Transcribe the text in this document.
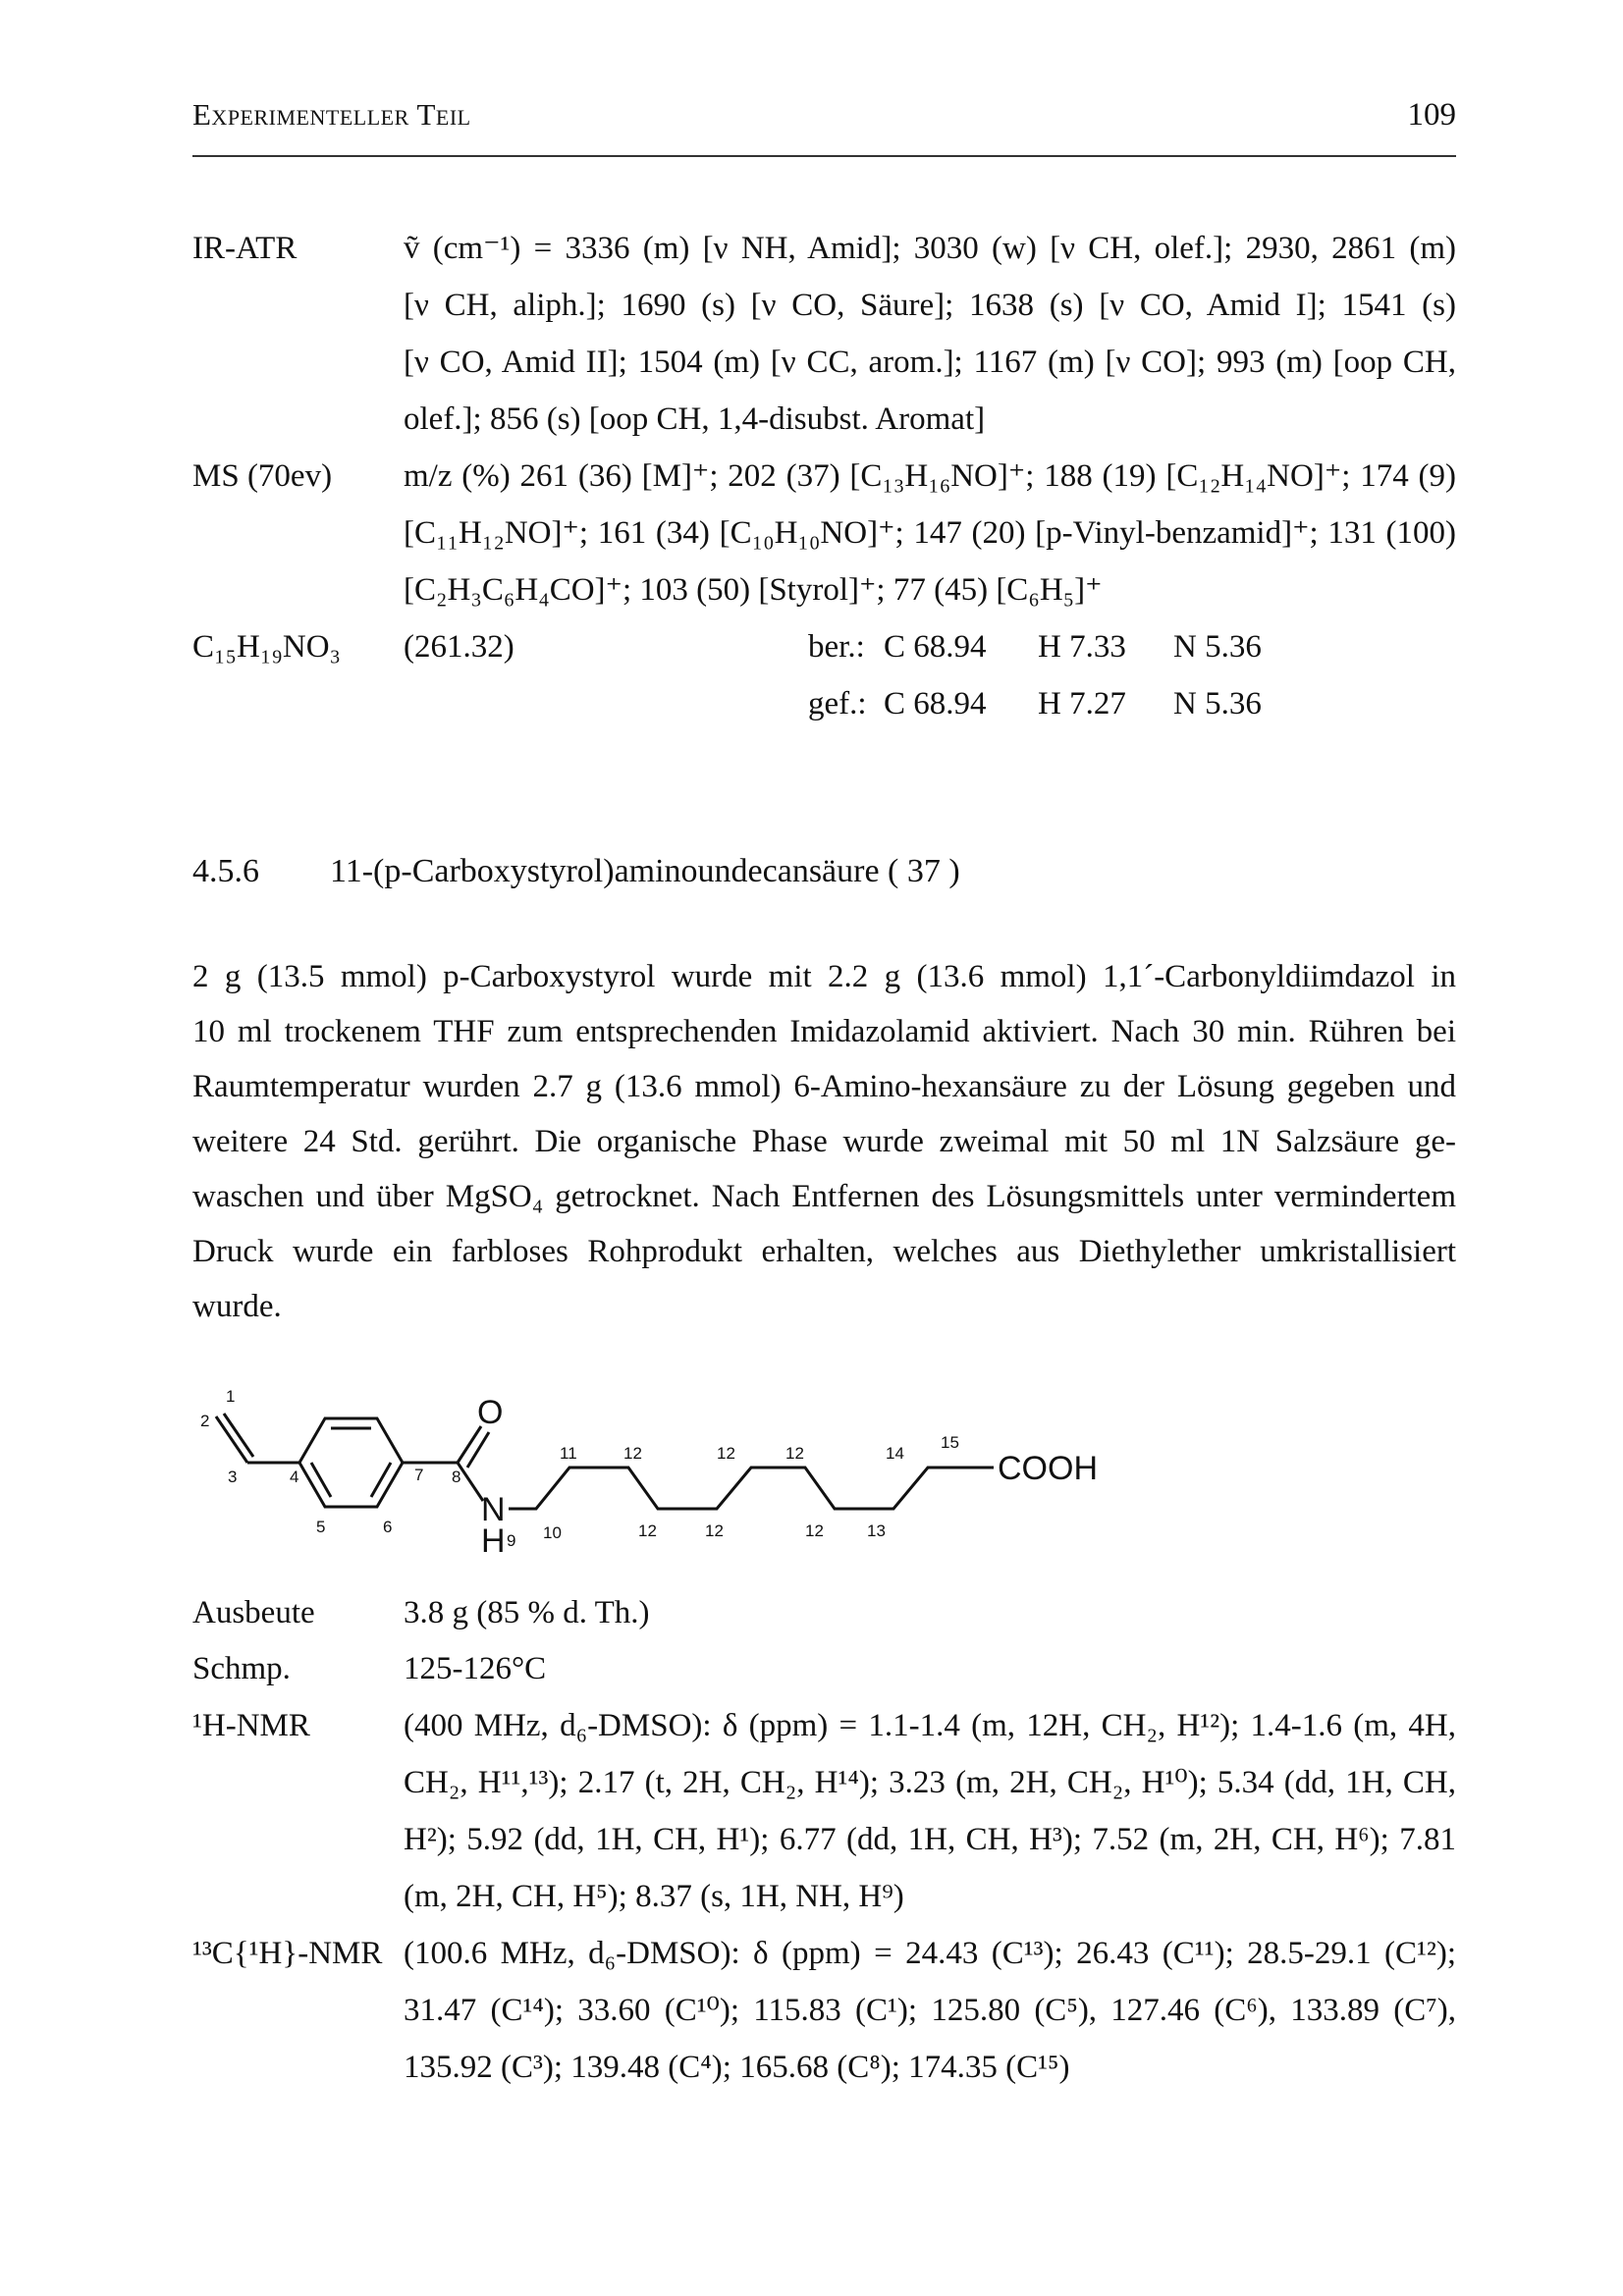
Experimenteller Teil	109
IR-ATR	ṽ (cm⁻¹) = 3336 (m) [ν NH, Amid]; 3030 (w) [ν CH, olef.]; 2930, 2861 (m)
[ν CH, aliph.]; 1690 (s) [ν CO, Säure]; 1638 (s) [ν CO, Amid I]; 1541 (s)
[ν CO, Amid II]; 1504 (m) [ν CC, arom.]; 1167 (m) [ν CO]; 993 (m) [oop CH,
olef.]; 856 (s) [oop CH, 1,4-disubst. Aromat]
MS (70ev) m/z (%) 261 (36) [M]⁺; 202 (37) [C₁₃H₁₆NO]⁺; 188 (19) [C₁₂H₁₄NO]⁺; 174 (9)
[C₁₁H₁₂NO]⁺; 161 (34) [C₁₀H₁₀NO]⁺; 147 (20) [p-Vinyl-benzamid]⁺; 131 (100)
[C₂H₃C₆H₄CO]⁺; 103 (50) [Styrol]⁺; 77 (45) [C₆H₅]⁺
C₁₅H₁₉NO₃ (261.32)	ber.: C 68.94 H 7.33 N 5.36
gef.: C 68.94 H 7.27 N 5.36
4.5.6 11-(p-Carboxystyrol)aminoundecansäure ( 37 )
2 g (13.5 mmol) p-Carboxystyrol wurde mit 2.2 g (13.6 mmol) 1,1´-Carbonyldiimdazol in
10 ml trockenem THF zum entsprechenden Imidazolamid aktiviert. Nach 30 min. Rühren bei
Raumtemperatur wurden 2.7 g (13.6 mmol) 6-Amino-hexansäure zu der Lösung gegeben und
weitere 24 Std. gerührt. Die organische Phase wurde zweimal mit 50 ml 1N Salzsäure ge-
waschen und über MgSO₄ getrocknet. Nach Entfernen des Lösungsmittels unter vermindertem
Druck wurde ein farbloses Rohprodukt erhalten, welches aus Diethylether umkristallisiert
wurde.
O
N
H
COOH
1
2
3	4
5	6
7 8
9 10
11	12	12	12
12	12	12	13
14
15
Ausbeute	3.8 g (85 % d. Th.)
Schmp.	125-126°C
¹H-NMR	(400 MHz, d₆-DMSO): δ (ppm) = 1.1-1.4 (m, 12H, CH₂, H¹²); 1.4-1.6 (m, 4H,
CH₂, H¹¹,¹³); 2.17 (t, 2H, CH₂, H¹⁴); 3.23 (m, 2H, CH₂, H¹⁰); 5.34 (dd, 1H, CH,
H²); 5.92 (dd, 1H, CH, H¹); 6.77 (dd, 1H, CH, H³); 7.52 (m, 2H, CH, H⁶); 7.81
(m, 2H, CH, H⁵); 8.37 (s, 1H, NH, H⁹)
¹³C{¹H}-NMR (100.6 MHz, d₆-DMSO): δ (ppm) = 24.43 (C¹³); 26.43 (C¹¹); 28.5-29.1 (C¹²);
31.47 (C¹⁴); 33.60 (C¹⁰); 115.83 (C¹); 125.80 (C⁵), 127.46 (C⁶), 133.89 (C⁷),
135.92 (C³); 139.48 (C⁴); 165.68 (C⁸); 174.35 (C¹⁵)
